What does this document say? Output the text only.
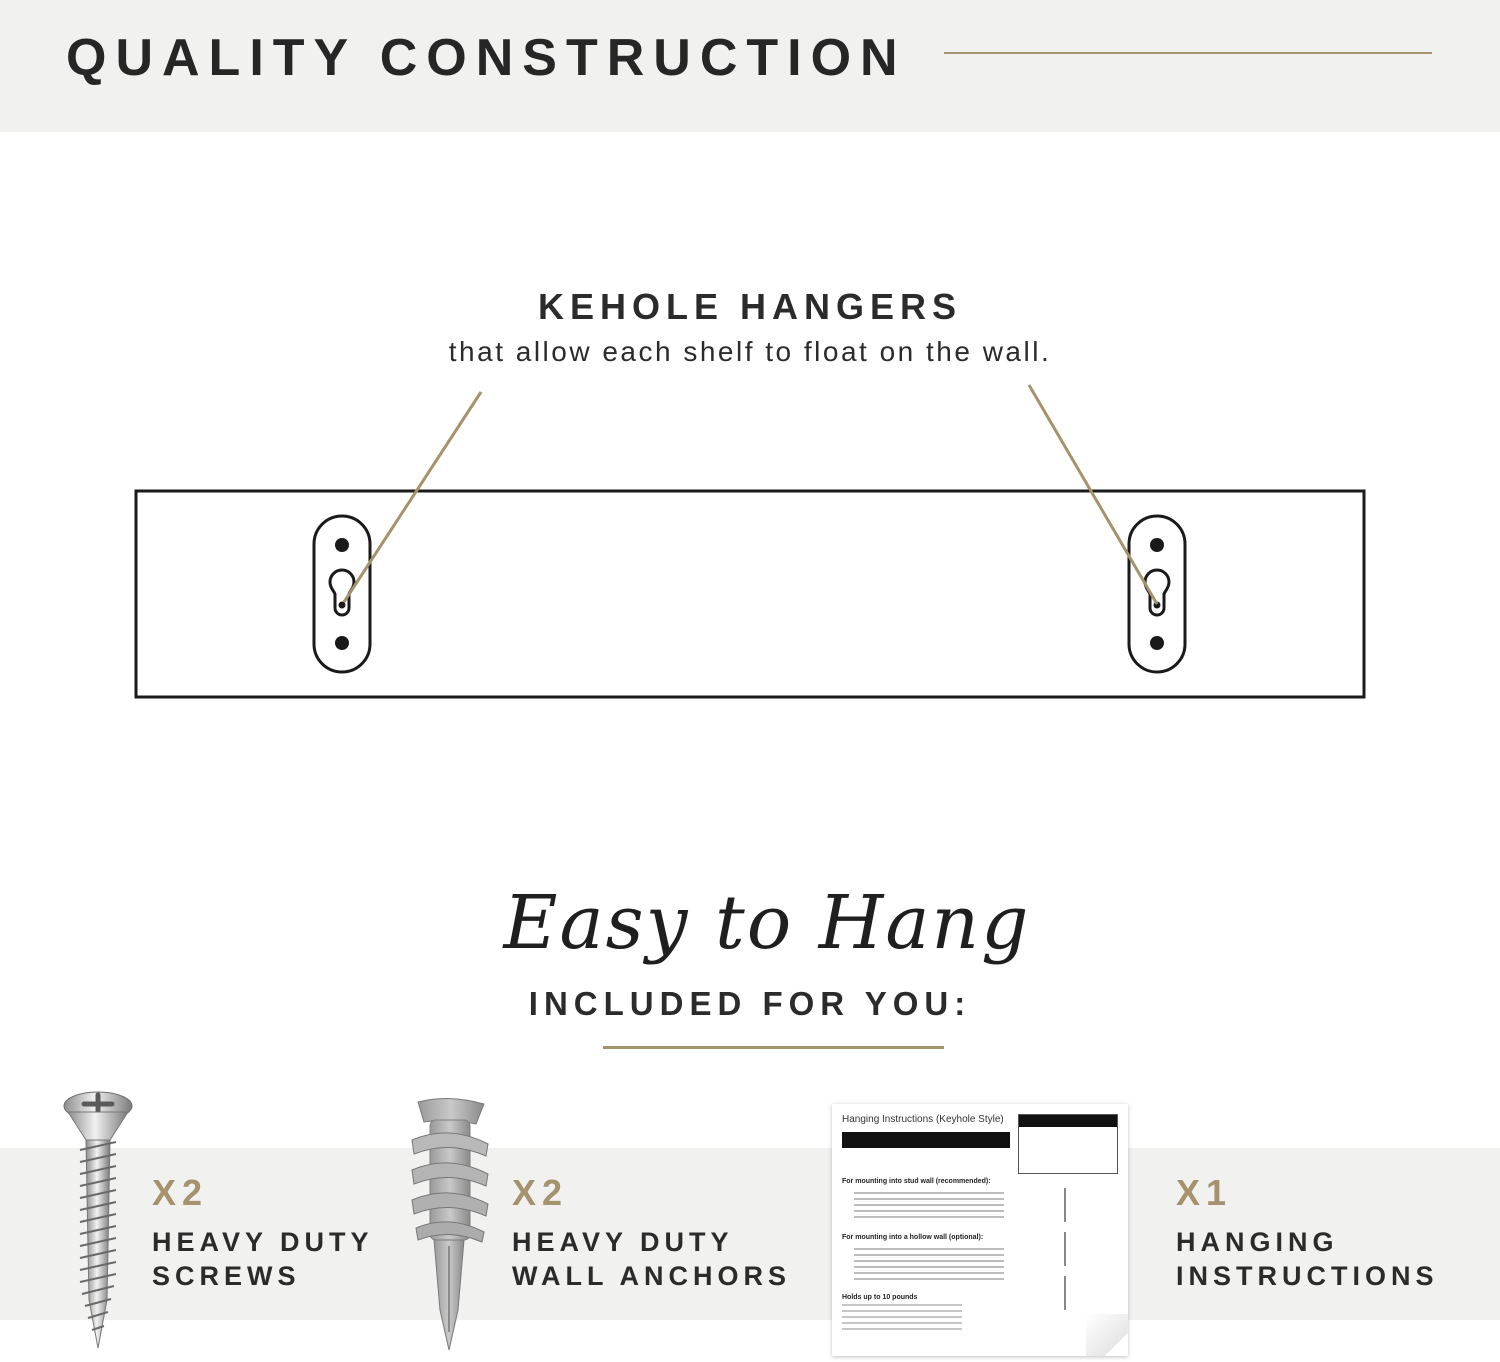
QUALITY CONSTRUCTION
KEHOLE HANGERS
that allow each shelf to float on the wall.
Easy to Hang
INCLUDED FOR YOU:
X2
HEAVY DUTY
SCREWS
X2
HEAVY DUTY
WALL ANCHORS
Hanging Instructions (Keyhole Style)
For mounting into stud wall (recommended):
For mounting into a hollow wall (optional):
Holds up to 10 pounds
X1
HANGING
INSTRUCTIONS
